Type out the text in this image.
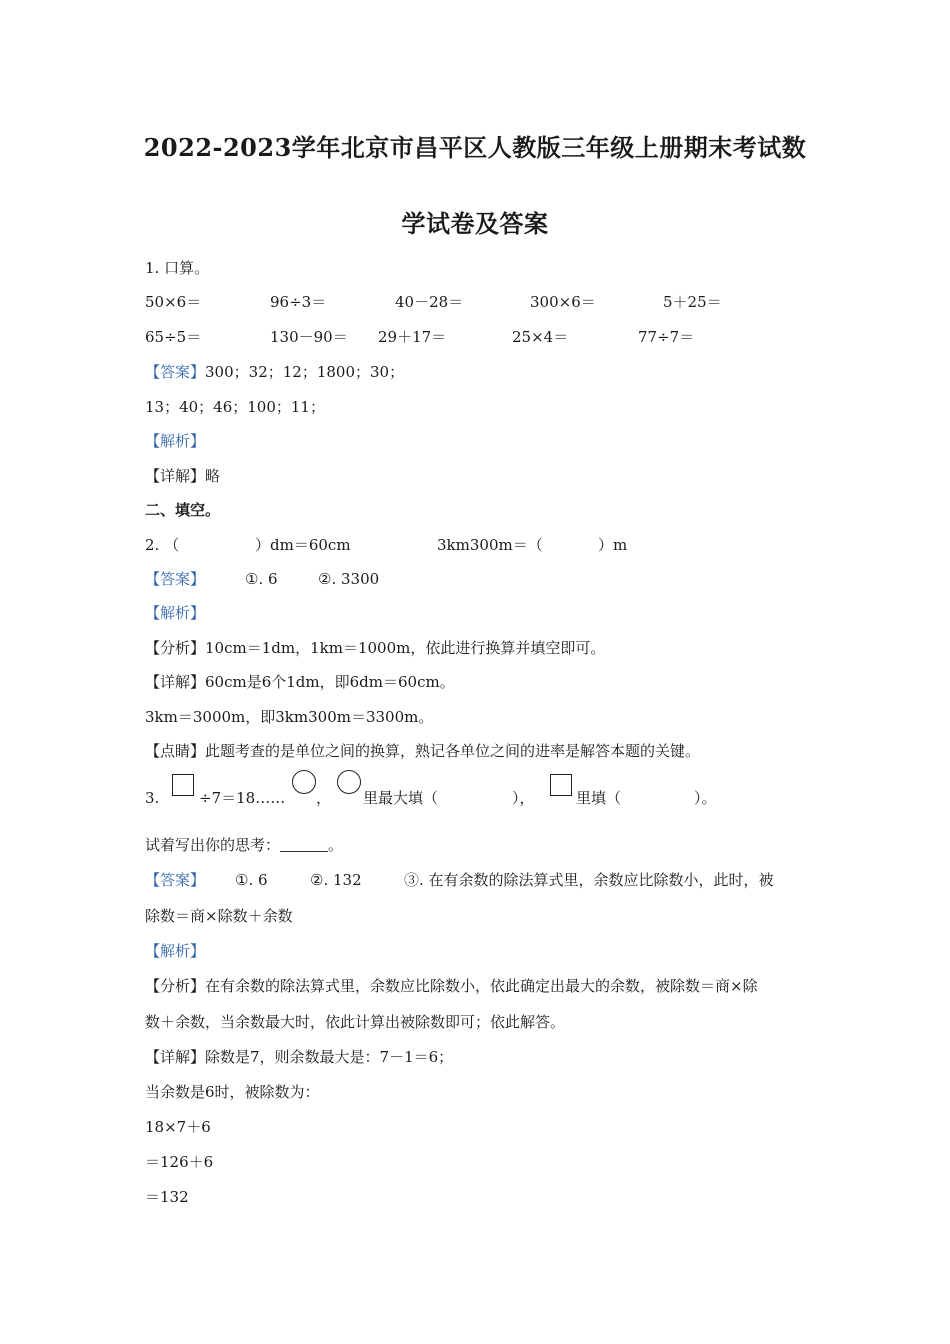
2022-2023学年北京市昌平区人教版三年级上册期末考试数
学试卷及答案
1. 口算。
50×6＝	96÷3＝	40－28＝	300×6＝	5＋25＝
65÷5＝	130－90＝ 29＋17＝	25×4＝	77÷7＝
【答案】300；32；12；1800；30；
13；40；46；100；11；
【解析】
【详解】略
二、填空。
2. （	）dm＝60cm	3km300m＝（	）m
【答案】	①. 6	②. 3300
【解析】
【分析】10cm＝1dm，1km＝1000m，依此进行换算并填空即可。
【详解】60cm是6个1dm，即6dm＝60cm。
3km＝3000m，即3km300m＝3300m。
【点睛】此题考查的是单位之间的换算，熟记各单位之间的进率是解答本题的关键。
3.	÷7＝18…… ， 里最大填（	），	里填（	）。
试着写出你的思考：	。
【答案】 ①. 6	②. 132	③. 在有余数的除法算式里，余数应比除数小，此时，被
除数＝商×除数＋余数
【解析】
【分析】在有余数的除法算式里，余数应比除数小，依此确定出最大的余数，被除数＝商×除
数＋余数，当余数最大时，依此计算出被除数即可；依此解答。
【详解】除数是7，则余数最大是：7－1＝6；
当余数是6时，被除数为：
18×7＋6
＝126＋6
＝132
